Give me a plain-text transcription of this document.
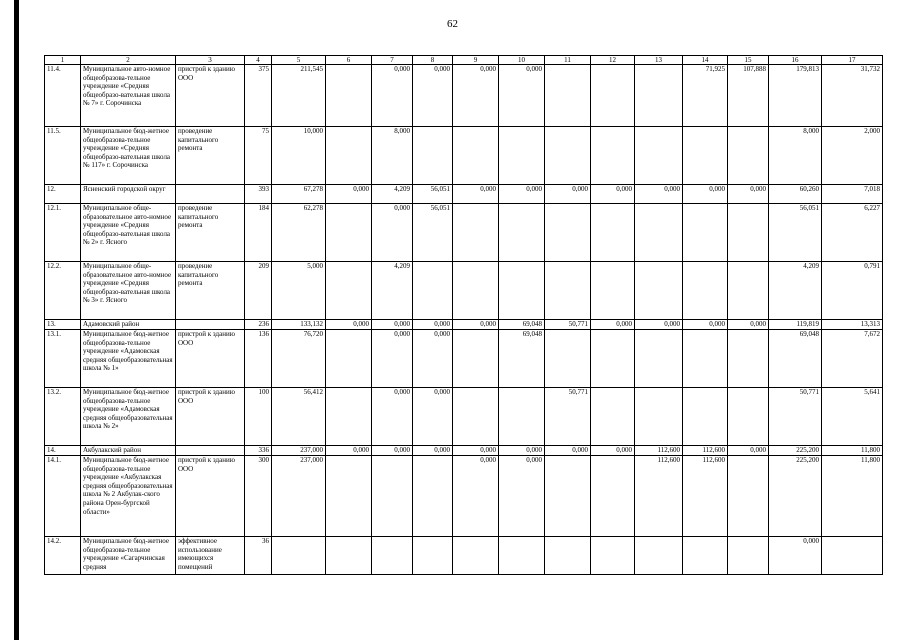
62
1	2	3	4	5	6	7	8	9	10	11	12	13	14	15	16	17
11.4.	Муниципальное авто-номное общеобразова-тельное учреждение «Средняя общеобразо-вательная школа № 7» г. Сорочинска	пристрой к зданию ООО	375	211,545		0,000	0,000	0,000	0,000				71,925	107,888	179,813	31,732
11.5.	Муниципальное бюд-жетное общеобразова-тельное учреждение «Средняя общеобразо-вательная школа № 117» г. Сорочинска	проведение капитального ремонта	75	10,000		8,000									8,000	2,000
12.	Ясненский городской округ		393	67,278	0,000	4,209	56,051	0,000	0,000	0,000	0,000	0,000	0,000	0,000	60,260	7,018
12.1.	Муниципальное обще-образовательное авто-номное учреждение «Средняя общеобразо-вательная школа № 2» г. Ясного	проведение капитального ремонта	184	62,278		0,000	56,051								56,051	6,227
12.2.	Муниципальное обще-образовательное авто-номное учреждение «Средняя общеобразо-вательная школа № 3» г. Ясного	проведение капитального ремонта	209	5,000		4,209									4,209	0,791
13.	Адамовский район		236	133,132	0,000	0,000	0,000	0,000	69,048	50,771	0,000	0,000	0,000	0,000	119,819	13,313
13.1.	Муниципальное бюд-жетное общеобразова-тельное учреждение «Адамовская средняя общеобразовательная школа № 1»	пристрой к зданию ООО	136	76,720		0,000	0,000		69,048						69,048	7,672
13.2.	Муниципальное бюд-жетное общеобразова-тельное учреждение «Адамовская средняя общеобразовательная школа № 2»	пристрой к зданию ООО	100	56,412		0,000	0,000			50,771					50,771	5,641
14.	Акбулакский район		336	237,000	0,000	0,000	0,000	0,000	0,000	0,000	0,000	112,600	112,600	0,000	225,200	11,800
14.1.	Муниципальное бюд-жетное общеобразова-тельное учреждение «Акбулакская средняя общеобразовательная школа № 2 Акбулак-ского района Орен-бургской области»	пристрой к зданию ООО	300	237,000				0,000	0,000			112,600	112,600		225,200	11,800
14.2.	Муниципальное бюд-жетное общеобразова-тельное учреждение «Сагарчинская средняя	эффективное использование имеющихся помещений	36												0,000	
